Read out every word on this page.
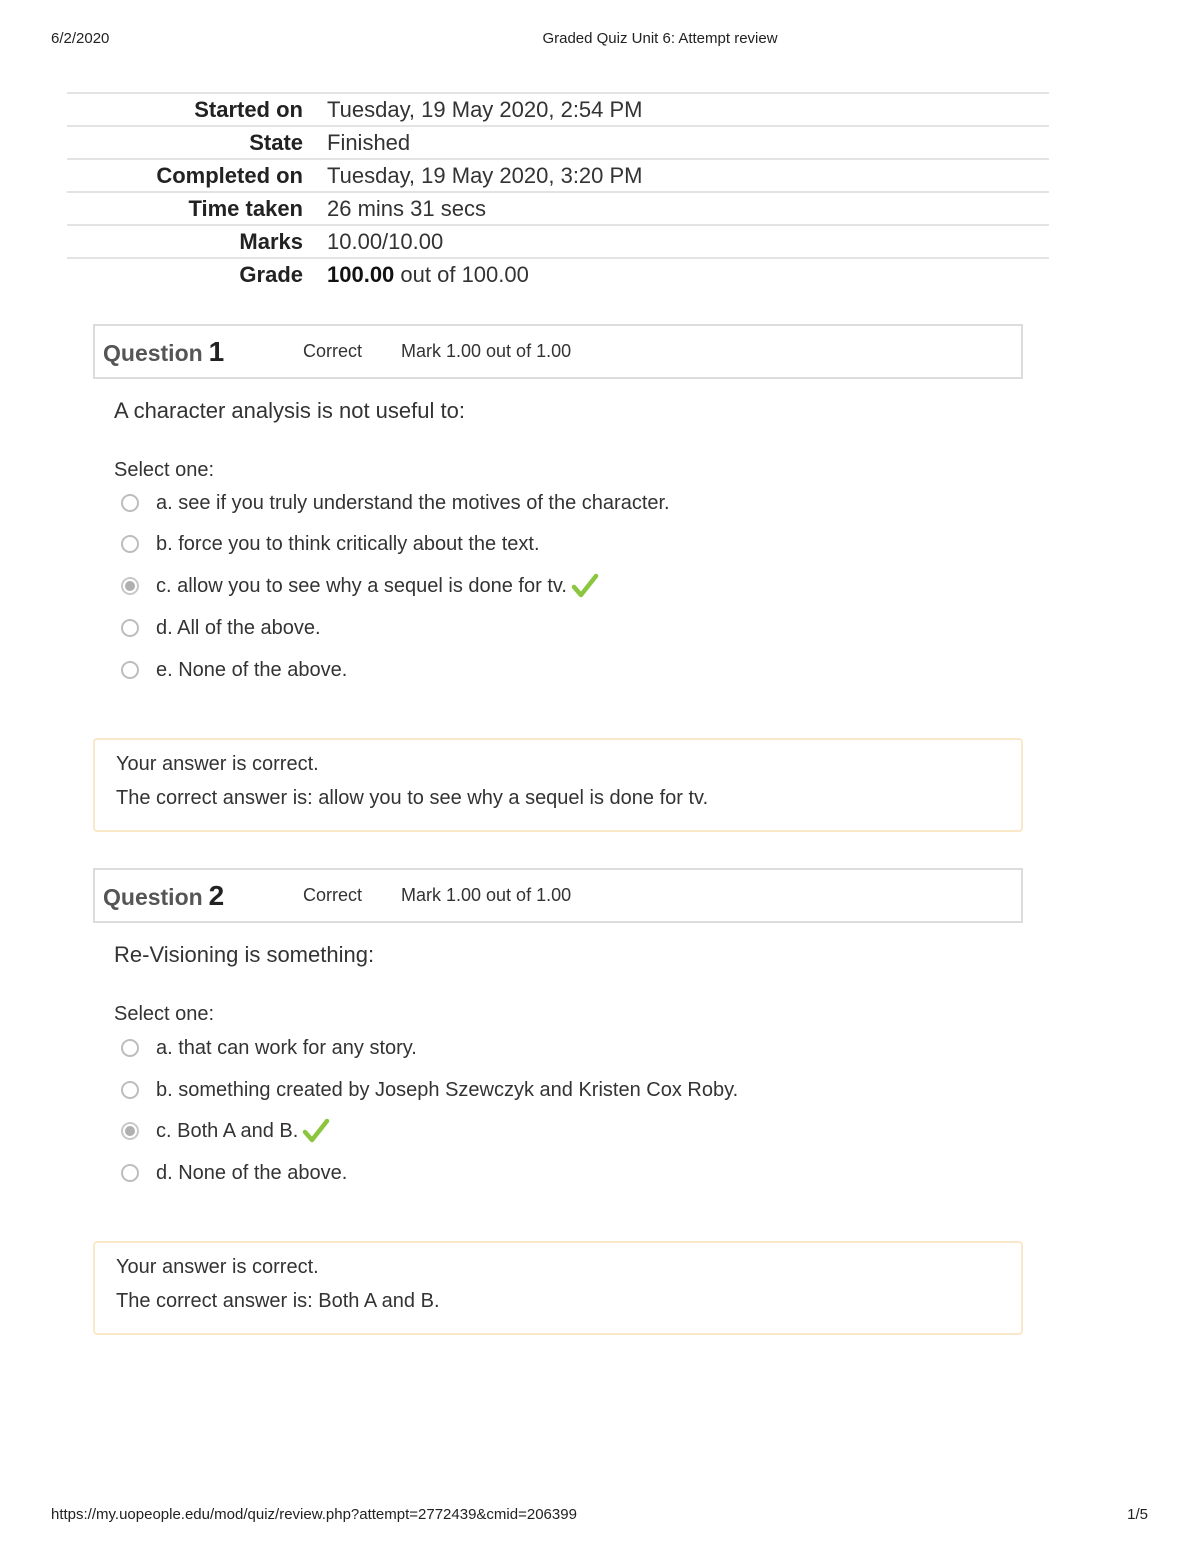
6/2/2020	Graded Quiz Unit 6: Attempt review
Started on	Tuesday, 19 May 2020, 2:54 PM
State	Finished
Completed on	Tuesday, 19 May 2020, 3:20 PM
Time taken	26 mins 31 secs
Marks	10.00/10.00
Grade	100.00 out of 100.00
Question 1	Correct	Mark 1.00 out of 1.00
A character analysis is not useful to:
Select one:
a. see if you truly understand the motives of the character.
b. force you to think critically about the text.
c. allow you to see why a sequel is done for tv.
d. All of the above.
e. None of the above.
Your answer is correct.
The correct answer is: allow you to see why a sequel is done for tv.
Question 2	Correct	Mark 1.00 out of 1.00
Re-Visioning is something:
Select one:
a. that can work for any story.
b. something created by Joseph Szewczyk and Kristen Cox Roby.
c. Both A and B.
d. None of the above.
Your answer is correct.
The correct answer is: Both A and B.
https://my.uopeople.edu/mod/quiz/review.php?attempt=2772439&cmid=206399	1/5
